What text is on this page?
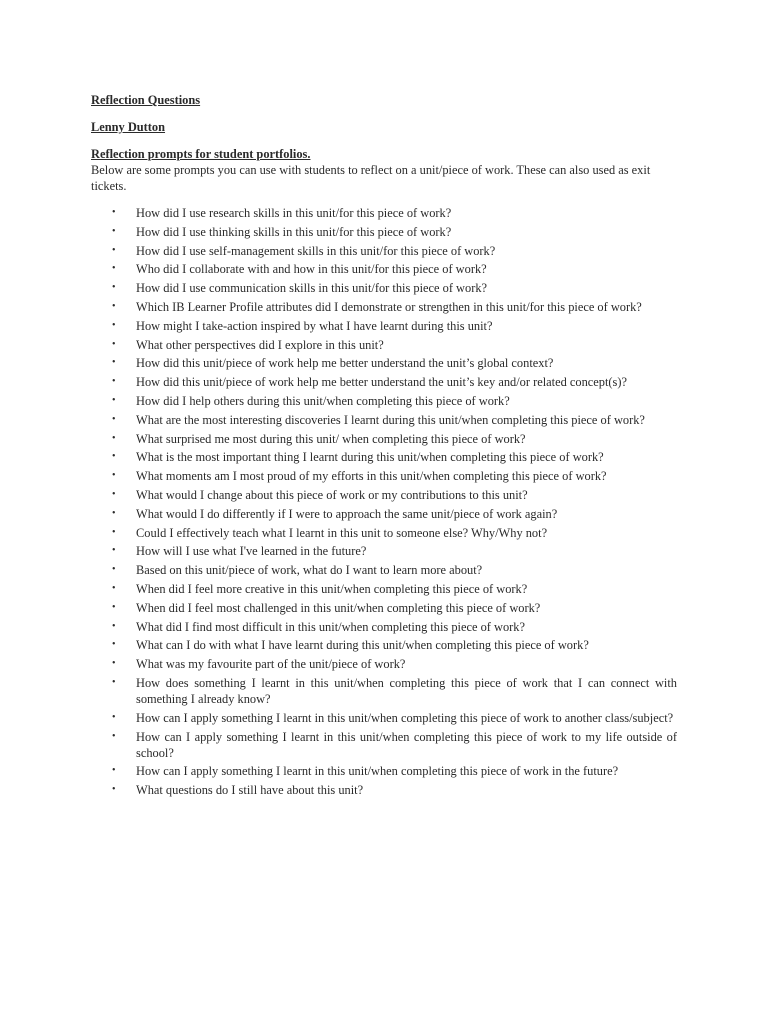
Reflection Questions

Lenny Dutton

Reflection prompts for student portfolios.

Below are some prompts you can use with students to reflect on a unit/piece of work. These can also used as exit tickets.

• How did I use research skills in this unit/for this piece of work?
• How did I use thinking skills in this unit/for this piece of work?
• How did I use self-management skills in this unit/for this piece of work?
• Who did I collaborate with and how in this unit/for this piece of work?
• How did I use communication skills in this unit/for this piece of work?
• Which IB Learner Profile attributes did I demonstrate or strengthen in this unit/for this piece of work?
• How might I take-action inspired by what I have learnt during this unit?
• What other perspectives did I explore in this unit?
• How did this unit/piece of work help me better understand the unit’s global context?
• How did this unit/piece of work help me better understand the unit’s key and/or related concept(s)?
• How did I help others during this unit/when completing this piece of work?
• What are the most interesting discoveries I learnt during this unit/when completing this piece of work?
• What surprised me most during this unit/ when completing this piece of work?
• What is the most important thing I learnt during this unit/when completing this piece of work?
• What moments am I most proud of my efforts in this unit/when completing this piece of work?
• What would I change about this piece of work or my contributions to this unit?
• What would I do differently if I were to approach the same unit/piece of work again?
• Could I effectively teach what I learnt in this unit to someone else? Why/Why not?
• How will I use what I've learned in the future?
• Based on this unit/piece of work, what do I want to learn more about?
• When did I feel more creative in this unit/when completing this piece of work?
• When did I feel most challenged in this unit/when completing this piece of work?
• What did I find most difficult in this unit/when completing this piece of work?
• What can I do with what I have learnt during this unit/when completing this piece of work?
• What was my favourite part of the unit/piece of work?
• How does something I learnt in this unit/when completing this piece of work that I can connect with something I already know?
• How can I apply something I learnt in this unit/when completing this piece of work to another class/subject?
• How can I apply something I learnt in this unit/when completing this piece of work to my life outside of school?
• How can I apply something I learnt in this unit/when completing this piece of work in the future?
• What questions do I still have about this unit?
